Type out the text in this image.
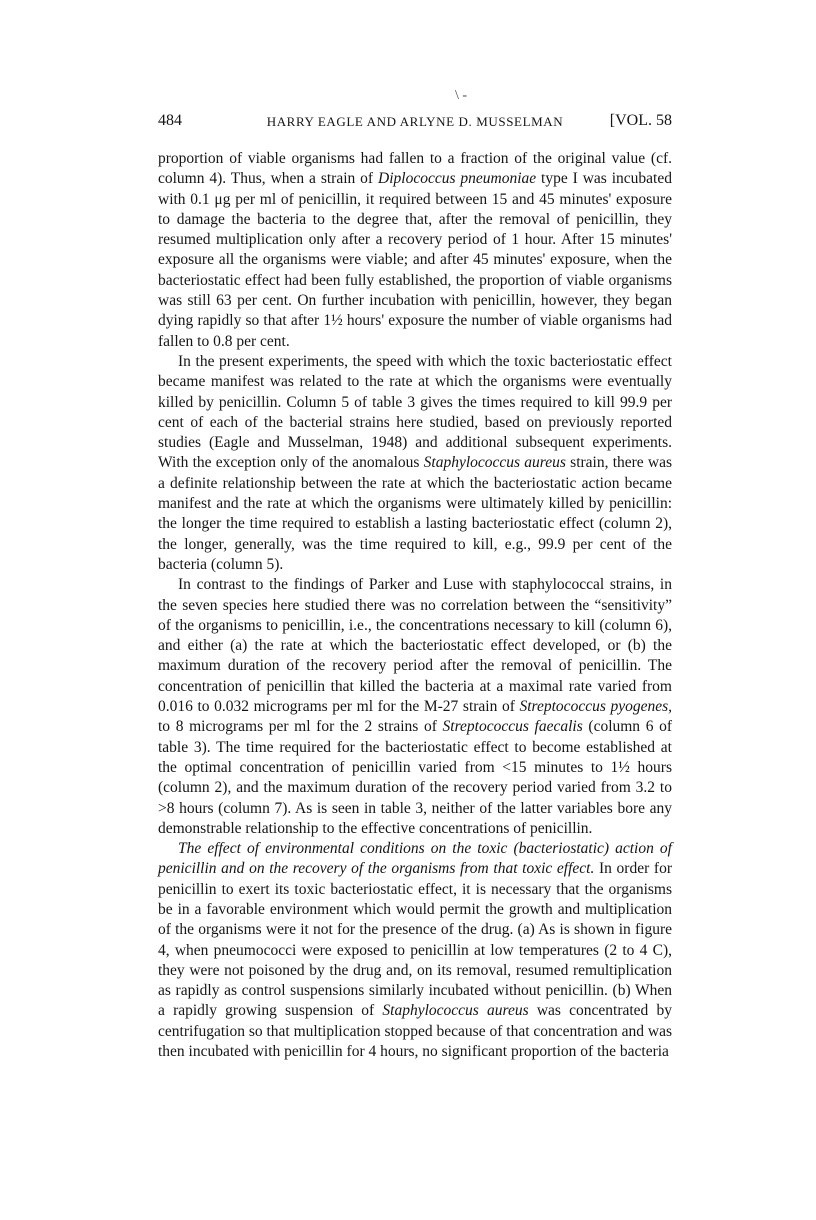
\ -
484	HARRY EAGLE AND ARLYNE D. MUSSELMAN	[VOL. 58

proportion of viable organisms had fallen to a fraction of the original value (cf. column 4). Thus, when a strain of Diplococcus pneumoniae type I was incubated with 0.1 μg per ml of penicillin, it required between 15 and 45 minutes' exposure to damage the bacteria to the degree that, after the removal of penicillin, they resumed multiplication only after a recovery period of 1 hour. After 15 minutes' exposure all the organisms were viable; and after 45 minutes' exposure, when the bacteriostatic effect had been fully established, the proportion of viable organisms was still 63 per cent. On further incubation with penicillin, however, they began dying rapidly so that after 1½ hours' exposure the number of viable organisms had fallen to 0.8 per cent.

In the present experiments, the speed with which the toxic bacteriostatic effect became manifest was related to the rate at which the organisms were eventually killed by penicillin. Column 5 of table 3 gives the times required to kill 99.9 per cent of each of the bacterial strains here studied, based on previously reported studies (Eagle and Musselman, 1948) and additional subsequent experiments. With the exception only of the anomalous Staphylococcus aureus strain, there was a definite relationship between the rate at which the bacteriostatic action became manifest and the rate at which the organisms were ultimately killed by penicillin: the longer the time required to establish a lasting bacteriostatic effect (column 2), the longer, generally, was the time required to kill, e.g., 99.9 per cent of the bacteria (column 5).

In contrast to the findings of Parker and Luse with staphylococcal strains, in the seven species here studied there was no correlation between the “sensitivity” of the organisms to penicillin, i.e., the concentrations necessary to kill (column 6), and either (a) the rate at which the bacteriostatic effect developed, or (b) the maximum duration of the recovery period after the removal of penicillin. The concentration of penicillin that killed the bacteria at a maximal rate varied from 0.016 to 0.032 micrograms per ml for the M-27 strain of Streptococcus pyogenes, to 8 micrograms per ml for the 2 strains of Streptococcus faecalis (column 6 of table 3). The time required for the bacteriostatic effect to become established at the optimal concentration of penicillin varied from <15 minutes to 1½ hours (column 2), and the maximum duration of the recovery period varied from 3.2 to >8 hours (column 7). As is seen in table 3, neither of the latter variables bore any demonstrable relationship to the effective concentrations of penicillin.

The effect of environmental conditions on the toxic (bacteriostatic) action of penicillin and on the recovery of the organisms from that toxic effect. In order for penicillin to exert its toxic bacteriostatic effect, it is necessary that the organisms be in a favorable environment which would permit the growth and multiplication of the organisms were it not for the presence of the drug. (a) As is shown in figure 4, when pneumococci were exposed to penicillin at low temperatures (2 to 4 C), they were not poisoned by the drug and, on its removal, resumed remultiplication as rapidly as control suspensions similarly incubated without penicillin. (b) When a rapidly growing suspension of Staphylococcus aureus was concentrated by centrifugation so that multiplication stopped because of that concentration and was then incubated with penicillin for 4 hours, no significant proportion of the bacteria
